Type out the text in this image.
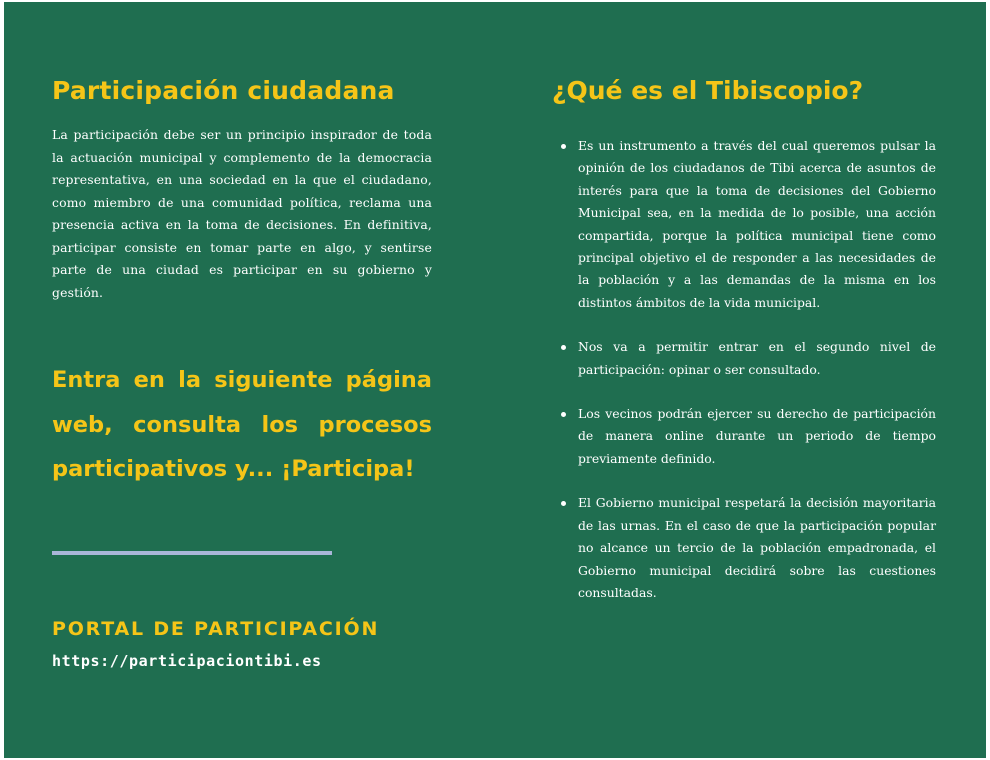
Participación ciudadana

La participación debe ser un principio inspirador de toda la actuación municipal y complemento de la democracia representativa, en una sociedad en la que el ciudadano, como miembro de una comunidad política, reclama una presencia activa en la toma de decisiones. En definitiva, participar consiste en tomar parte en algo, y sentirse parte de una ciudad es participar en su gobierno y gestión.

Entra en la siguiente página web, consulta los procesos participativos y... ¡Participa!
PORTAL DE PARTICIPACIÓN
https://participaciontibi.es
¿Qué es el Tibiscopio?
Es un instrumento a través del cual queremos pulsar la opinión de los ciudadanos de Tibi acerca de asuntos de interés para que la toma de decisiones del Gobierno Municipal sea, en la medida de lo posible, una acción compartida, porque la política municipal tiene como principal objetivo el de responder a las necesidades de la población y a las demandas de la misma en los distintos ámbitos de la vida municipal.
Nos va a permitir entrar en el segundo nivel de participación: opinar o ser consultado.
Los vecinos podrán ejercer su derecho de participación de manera online durante un periodo de tiempo previamente definido.
El Gobierno municipal respetará la decisión mayoritaria de las urnas. En el caso de que la participación popular no alcance un tercio de la población empadronada, el Gobierno municipal decidirá sobre las cuestiones consultadas.
